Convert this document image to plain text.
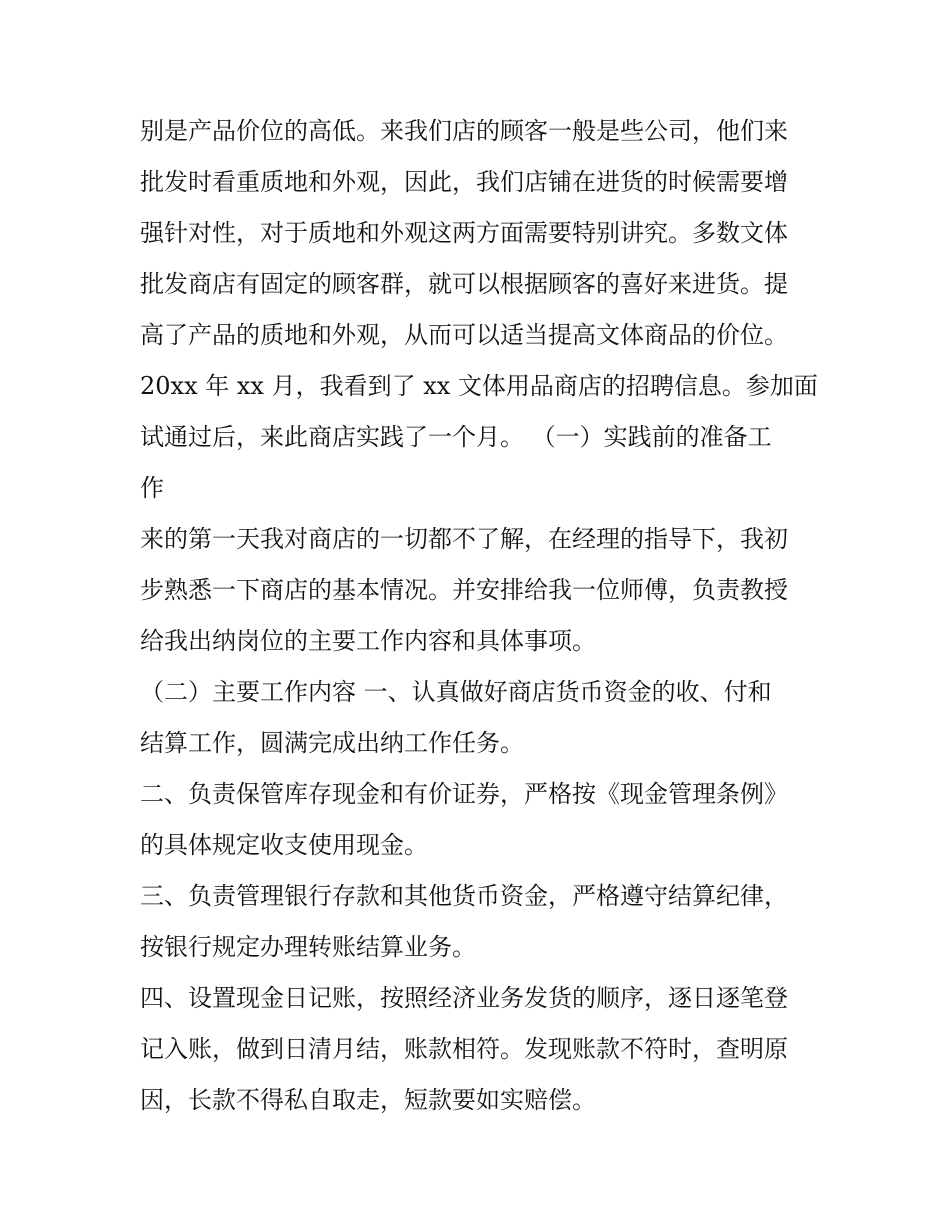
别是产品价位的高低。来我们店的顾客一般是些公司，他们来
批发时看重质地和外观，因此，我们店铺在进货的时候需要增
强针对性，对于质地和外观这两方面需要特别讲究。多数文体
批发商店有固定的顾客群，就可以根据顾客的喜好来进货。提
高了产品的质地和外观，从而可以适当提高文体商品的价位。
20xx 年 xx 月，我看到了 xx 文体用品商店的招聘信息。参加面
试通过后，来此商店实践了一个月。 （一）实践前的准备工
作
来的第一天我对商店的一切都不了解，在经理的指导下，我初
步熟悉一下商店的基本情况。并安排给我一位师傅，负责教授
给我出纳岗位的主要工作内容和具体事项。
（二）主要工作内容 一、认真做好商店货币资金的收、付和
结算工作，圆满完成出纳工作任务。
二、负责保管库存现金和有价证券，严格按《现金管理条例》
的具体规定收支使用现金。
三、负责管理银行存款和其他货币资金，严格遵守结算纪律，
按银行规定办理转账结算业务。
四、设置现金日记账，按照经济业务发货的顺序，逐日逐笔登
记入账，做到日清月结，账款相符。发现账款不符时，查明原
因，长款不得私自取走，短款要如实赔偿。
